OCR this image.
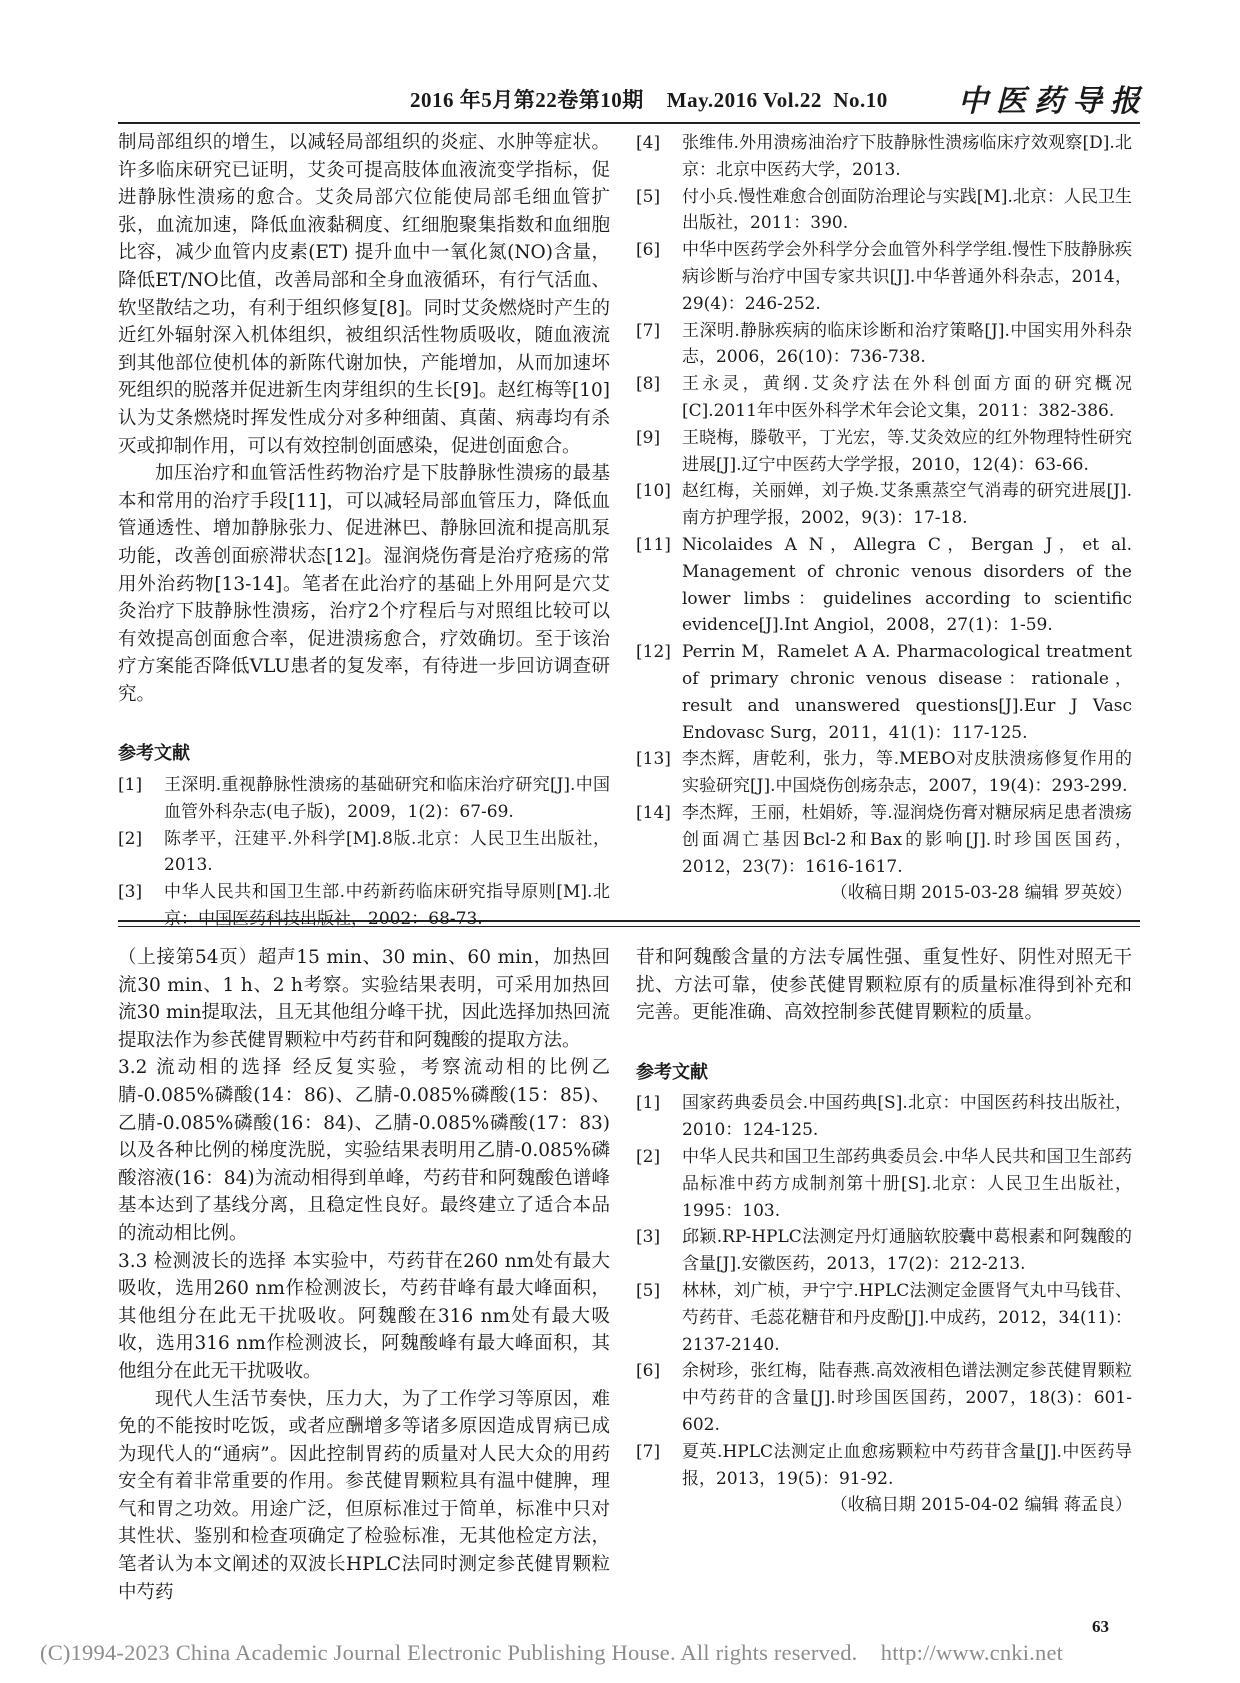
2016 年5月第22卷第10期    May.2016 Vol.22  No.10	中医药导报

制局部组织的增生，以减轻局部组织的炎症、水肿等症状。许多临床研究已证明，艾灸可提高肢体血液流变学指标，促进静脉性溃疡的愈合。艾灸局部穴位能使局部毛细血管扩张，血流加速，降低血液黏稠度、红细胞聚集指数和血细胞比容，减少血管内皮素(ET) 提升血中一氧化氮(NO)含量，降低ET/NO比值，改善局部和全身血液循环，有行气活血、软坚散结之功，有利于组织修复[8]。同时艾灸燃烧时产生的近红外辐射深入机体组织，被组织活性物质吸收，随血液流到其他部位使机体的新陈代谢加快，产能增加，从而加速坏死组织的脱落并促进新生肉芽组织的生长[9]。赵红梅等[10]认为艾条燃烧时挥发性成分对多种细菌、真菌、病毒均有杀灭或抑制作用，可以有效控制创面感染，促进创面愈合。

加压治疗和血管活性药物治疗是下肢静脉性溃疡的最基本和常用的治疗手段[11]，可以减轻局部血管压力，降低血管通透性、增加静脉张力、促进淋巴、静脉回流和提高肌泵功能，改善创面瘀滞状态[12]。湿润烧伤膏是治疗疮疡的常用外治药物[13-14]。笔者在此治疗的基础上外用阿是穴艾灸治疗下肢静脉性溃疡，治疗2个疗程后与对照组比较可以有效提高创面愈合率，促进溃疡愈合，疗效确切。至于该治疗方案能否降低VLU患者的复发率，有待进一步回访调查研究。

参考文献

[1]	王深明.重视静脉性溃疡的基础研究和临床治疗研究[J].中国血管外科杂志(电子版)，2009，1(2)：67-69.
[2]	陈孝平，汪建平.外科学[M].8版.北京：人民卫生出版社，2013.
[3]	中华人民共和国卫生部.中药新药临床研究指导原则[M].北
[4]	张维伟.外用溃疡油治疗下肢静脉性溃疡临床疗效观察[D].北京：北京中医药大学，2013.
[5]	付小兵.慢性难愈合创面防治理论与实践[M].北京：人民卫生出版社，2011：390.
[6]	中华中医药学会外科学分会血管外科学学组.慢性下肢静脉疾病诊断与治疗中国专家共识[J].中华普通外科杂志，2014，29(4)：246-252.
[7]	王深明.静脉疾病的临床诊断和治疗策略[J].中国实用外科杂志，2006，26(10)：736-738.
[8]	王永灵，黄纲.艾灸疗法在外科创面方面的研究概况[C].2011年中医外科学术年会论文集，2011：382-386.
[9]	王晓梅，滕敬平，丁光宏，等.艾灸效应的红外物理特性研究进展[J].辽宁中医药大学学报，2010，12(4)：63-66.
[10] 赵红梅，关丽婵，刘子焕.艾条熏蒸空气消毒的研究进展[J].南方护理学报，2002，9(3)：17-18.
[11] Nicolaides A N，Allegra C，Bergan J，et al. Management of chronic venous disorders of the lower limbs：guidelines according to scientific evidence[J].Int Angiol，2008，27(1)：1-59.
[12] Perrin M，Ramelet A A. Pharmacological treatment of primary chronic venous disease：rationale，result and unanswered questions[J].Eur J Vasc Endovasc Surg，2011，41(1)：117-125.
[13] 李杰辉，唐乾利，张力，等.MEBO对皮肤溃疡修复作用的实验研究[J].中国烧伤创疡杂志，2007，19(4)：293-299.
[14] 李杰辉，王丽，杜娟娇，等.湿润烧伤膏对糖尿病足患者溃疡创面凋亡基因Bcl-2和Bax的影响[J].时珍国医国药，2012，23(7)：1616-1617.
（收稿日期 2015-03-28 编辑 罗英姣）

（上接第54页）超声15 min、30 min、60 min，加热回流30 min、1 h、2 h考察。实验结果表明，可采用加热回流30 min提取法，且无其他组分峰干扰，因此选择加热回流提取法作为参芪健胃颗粒中芍药苷和阿魏酸的提取方法。

3.2 流动相的选择 经反复实验，考察流动相的比例乙腈-0.085%磷酸(14：86)、乙腈-0.085%磷酸(15：85)、乙腈-0.085%磷酸(16：84)、乙腈-0.085%磷酸(17：83)以及各种比例的梯度洗脱，实验结果表明用乙腈-0.085%磷酸溶液(16：84)为流动相得到单峰，芍药苷和阿魏酸色谱峰基本达到了基线分离，且稳定性良好。最终建立了适合本品的流动相比例。

3.3 检测波长的选择 本实验中，芍药苷在260 nm处有最大吸收，选用260 nm作检测波长，芍药苷峰有最大峰面积，其他组分在此无干扰吸收。阿魏酸在316 nm处有最大吸收，选用316 nm作检测波长，阿魏酸峰有最大峰面积，其他组分在此无干扰吸收。

现代人生活节奏快，压力大，为了工作学习等原因，难免的不能按时吃饭，或者应酬增多等诸多原因造成胃病已成为现代人的“通病”。因此控制胃药的质量对人民大众的用药安全有着非常重要的作用。参芪健胃颗粒具有温中健脾，理气和胃之功效。用途广泛，但原标准过于简单，标准中只对其性状、鉴别和检查项确定了检验标准，无其他检定方法，笔者认为本文阐述的双波长HPLC法同时测定参芪健胃颗粒中芍药

苷和阿魏酸含量的方法专属性强、重复性好、阴性对照无干扰、方法可靠，使参芪健胃颗粒原有的质量标准得到补充和完善。更能准确、高效控制参芪健胃颗粒的质量。

参考文献

[1]	国家药典委员会.中国药典[S].北京：中国医药科技出版社，2010：124-125.
[2]	中华人民共和国卫生部药典委员会.中华人民共和国卫生部药品标准中药方成制剂第十册[S].北京：人民卫生出版社，1995：103.
[3]	邱颖.RP-HPLC法测定丹灯通脑软胶囊中葛根素和阿魏酸的含量[J].安徽医药，2013，17(2)：212-213.
[5]	林林，刘广桢，尹宁宁.HPLC法测定金匮肾气丸中马钱苷、芍药苷、毛蕊花糖苷和丹皮酚[J].中成药，2012，34(11)：2137-2140.
[6]	余树珍，张红梅，陆春燕.高效液相色谱法测定参芪健胃颗粒中芍药苷的含量[J].时珍国医国药，2007，18(3)：601-602.
[7]	夏英.HPLC法测定止血愈疡颗粒中芍药苷含量[J].中医药导报，2013，19(5)：91-92.
（收稿日期 2015-04-02 编辑 蒋孟良）
63
(C)1994-2023 China Academic Journal Electronic Publishing House. All rights reserved.    http://www.cnki.net
